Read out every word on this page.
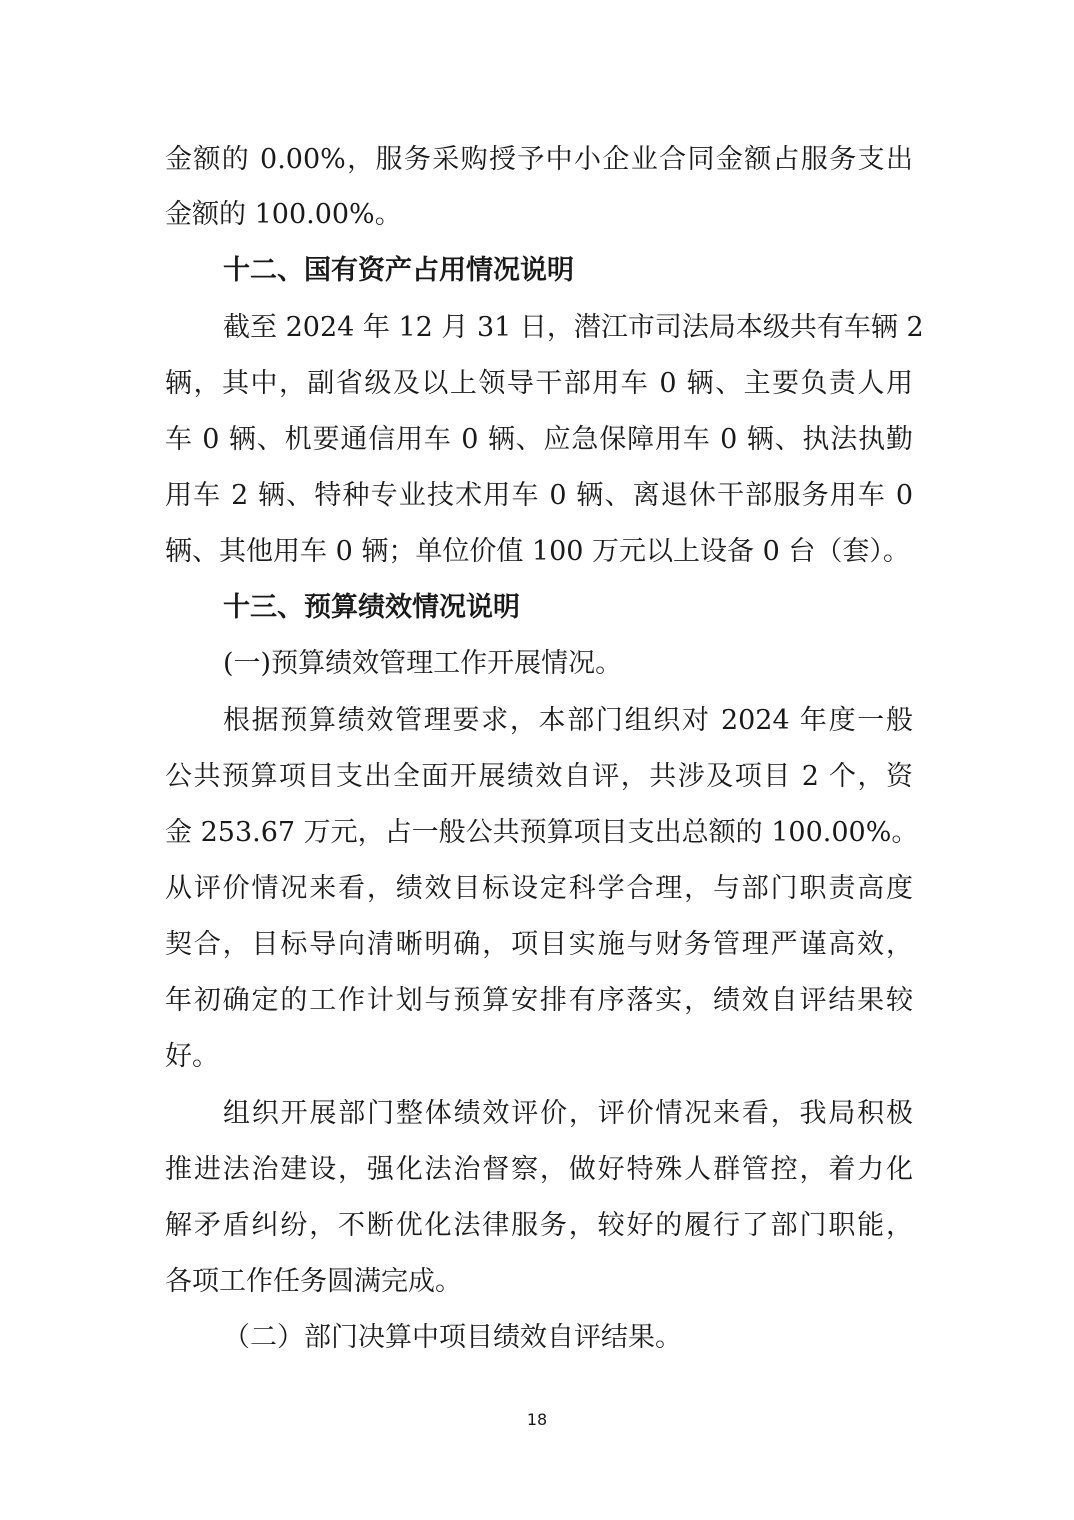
金额的 0.00%，服务采购授予中小企业合同金额占服务支出
金额的 100.00%。
十二、国有资产占用情况说明
截至 2024 年 12 月 31 日，潜江市司法局本级共有车辆 2
辆，其中，副省级及以上领导干部用车 0 辆、主要负责人用
车 0 辆、机要通信用车 0 辆、应急保障用车 0 辆、执法执勤
用车 2 辆、特种专业技术用车 0 辆、离退休干部服务用车 0
辆、其他用车 0 辆；单位价值 100 万元以上设备 0 台（套）。
十三、预算绩效情况说明
(一)预算绩效管理工作开展情况。
根据预算绩效管理要求，本部门组织对 2024 年度一般
公共预算项目支出全面开展绩效自评，共涉及项目 2 个，资
金 253.67 万元，占一般公共预算项目支出总额的 100.00%。
从评价情况来看，绩效目标设定科学合理，与部门职责高度
契合，目标导向清晰明确，项目实施与财务管理严谨高效，
年初确定的工作计划与预算安排有序落实，绩效自评结果较
好。
组织开展部门整体绩效评价，评价情况来看，我局积极
推进法治建设，强化法治督察，做好特殊人群管控，着力化
解矛盾纠纷，不断优化法律服务，较好的履行了部门职能，
各项工作任务圆满完成。
（二）部门决算中项目绩效自评结果。
18
